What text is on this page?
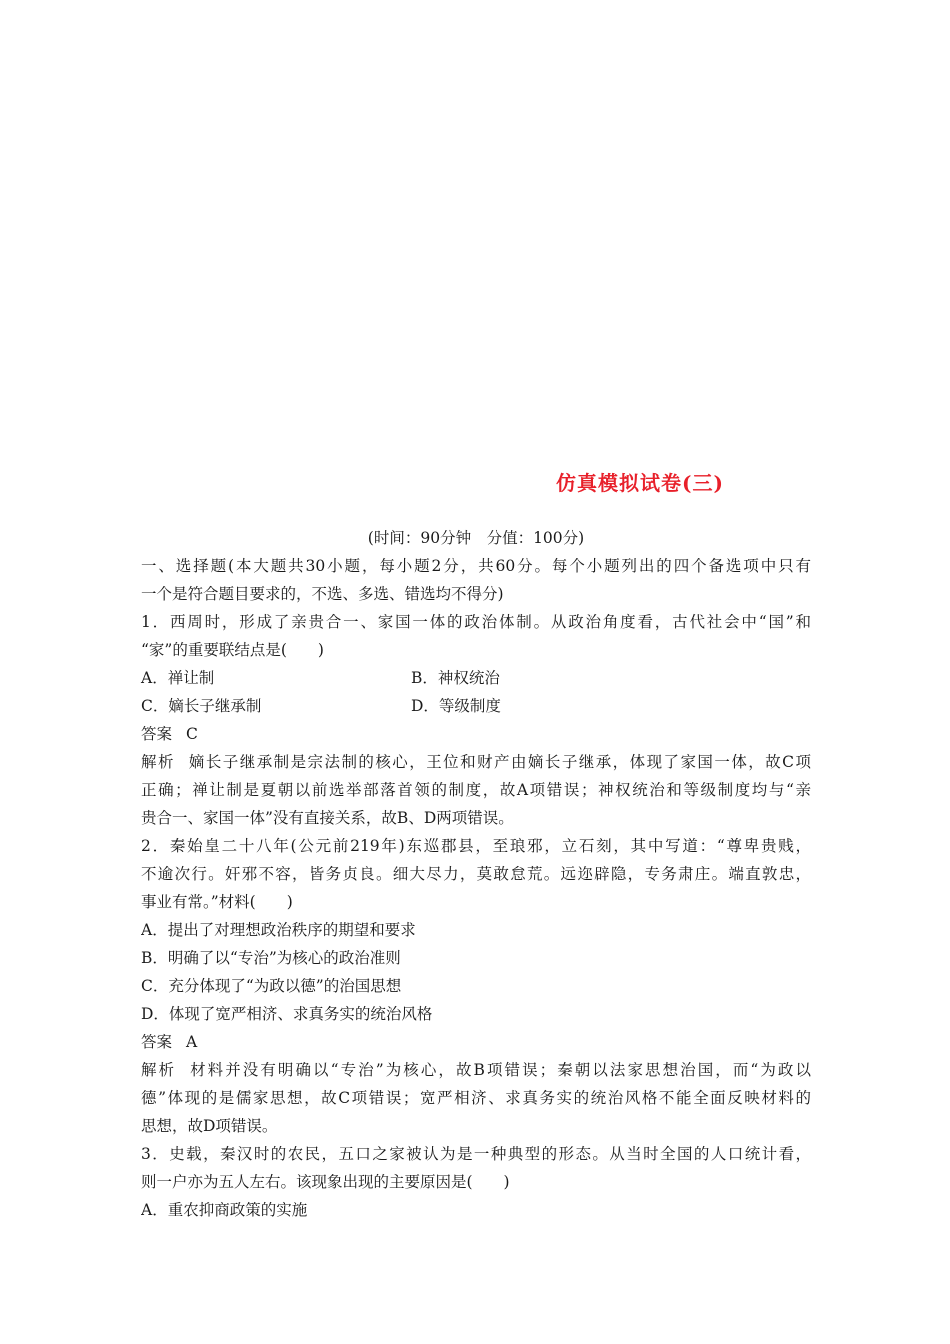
仿真模拟试卷(三)
(时间：90分钟　分值：100分)
一、选择题(本大题共30小题，每小题2分，共60分。每个小题列出的四个备选项中只有
一个是符合题目要求的，不选、多选、错选均不得分)
1．西周时，形成了亲贵合一、家国一体的政治体制。从政治角度看，古代社会中“国”和
“家”的重要联结点是(　　)
A．禅让制	B．神权统治
C．嫡长子继承制	D．等级制度
答案 C
解析 嫡长子继承制是宗法制的核心，王位和财产由嫡长子继承，体现了家国一体，故C项
正确；禅让制是夏朝以前选举部落首领的制度，故A项错误；神权统治和等级制度均与“亲
贵合一、家国一体”没有直接关系，故B、D两项错误。
2．秦始皇二十八年(公元前219年)东巡郡县，至琅邪，立石刻，其中写道：“尊卑贵贱，
不逾次行。奸邪不容，皆务贞良。细大尽力，莫敢怠荒。远迩辟隐，专务肃庄。端直敦忠，
事业有常。”材料(　　)
A．提出了对理想政治秩序的期望和要求
B．明确了以“专治”为核心的政治准则
C．充分体现了“为政以德”的治国思想
D．体现了宽严相济、求真务实的统治风格
答案 A
解析 材料并没有明确以“专治”为核心，故B项错误；秦朝以法家思想治国，而“为政以
德”体现的是儒家思想，故C项错误；宽严相济、求真务实的统治风格不能全面反映材料的
思想，故D项错误。
3．史载，秦汉时的农民，五口之家被认为是一种典型的形态。从当时全国的人口统计看，
则一户亦为五人左右。该现象出现的主要原因是(　　)
A．重农抑商政策的实施
